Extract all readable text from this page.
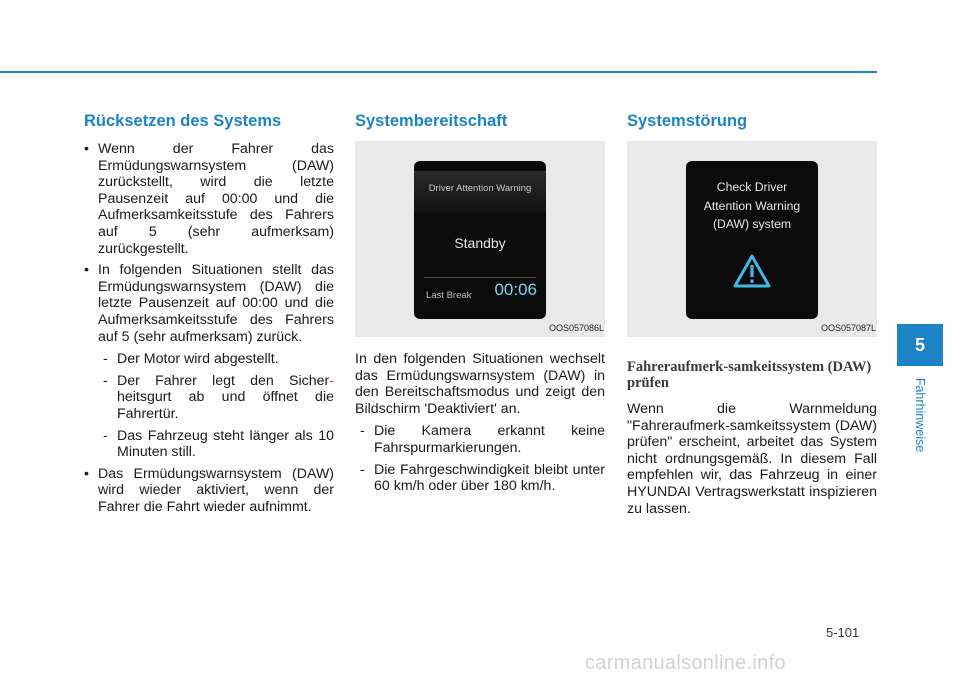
Rücksetzen des Systems
• Wenn der Fahrer das Ermüdungswarnsystem (DAW) zurückstellt, wird die letzte Pausenzeit auf 00:00 und die Aufmerksamkeitsstufe des Fahrers auf 5 (sehr aufmerksam) zurückgestellt.

• In folgenden Situationen stellt das Ermüdungswarnsystem (DAW) die letzte Pausenzeit auf 00:00 und die Aufmerksamkeitsstufe des Fahrers auf 5 (sehr aufmerksam) zurück.

- Der Motor wird abgestellt.
- Der Fahrer legt den Sicher-heitsgurt ab und öffnet die Fahrertür.
- Das Fahrzeug steht länger als 10 Minuten still.
• Das Ermüdungswarnsystem (DAW) wird wieder aktiviert, wenn der Fahrer die Fahrt wieder aufnimmt.
Systembereitschaft
Driver Attention Warning
Standby
Last Break 00:06
OOS057086L

In den folgenden Situationen wechselt das Ermüdungswarnsystem (DAW) in den Bereitschaftsmodus und zeigt den Bildschirm 'Deaktiviert' an.

- Die Kamera erkannt keine Fahrspurmarkierungen.
- Die Fahrgeschwindigkeit bleibt unter 60 km/h oder über 180 km/h.
Systemstörung
Check Driver
Attention Warning
(DAW) system
OOS057087L
Fahreraufmerk-samkeitssystem (DAW) prüfen

Wenn die Warnmeldung "Fahreraufmerk-samkeitssystem (DAW) prüfen" erscheint, arbeitet das System nicht ordnungsgemäß. In diesem Fall empfehlen wir, das Fahrzeug in einer HYUNDAI Vertragswerkstatt inspizieren zu lassen.

5
Fahrhinweise
5-101
carmanualsonline.info
